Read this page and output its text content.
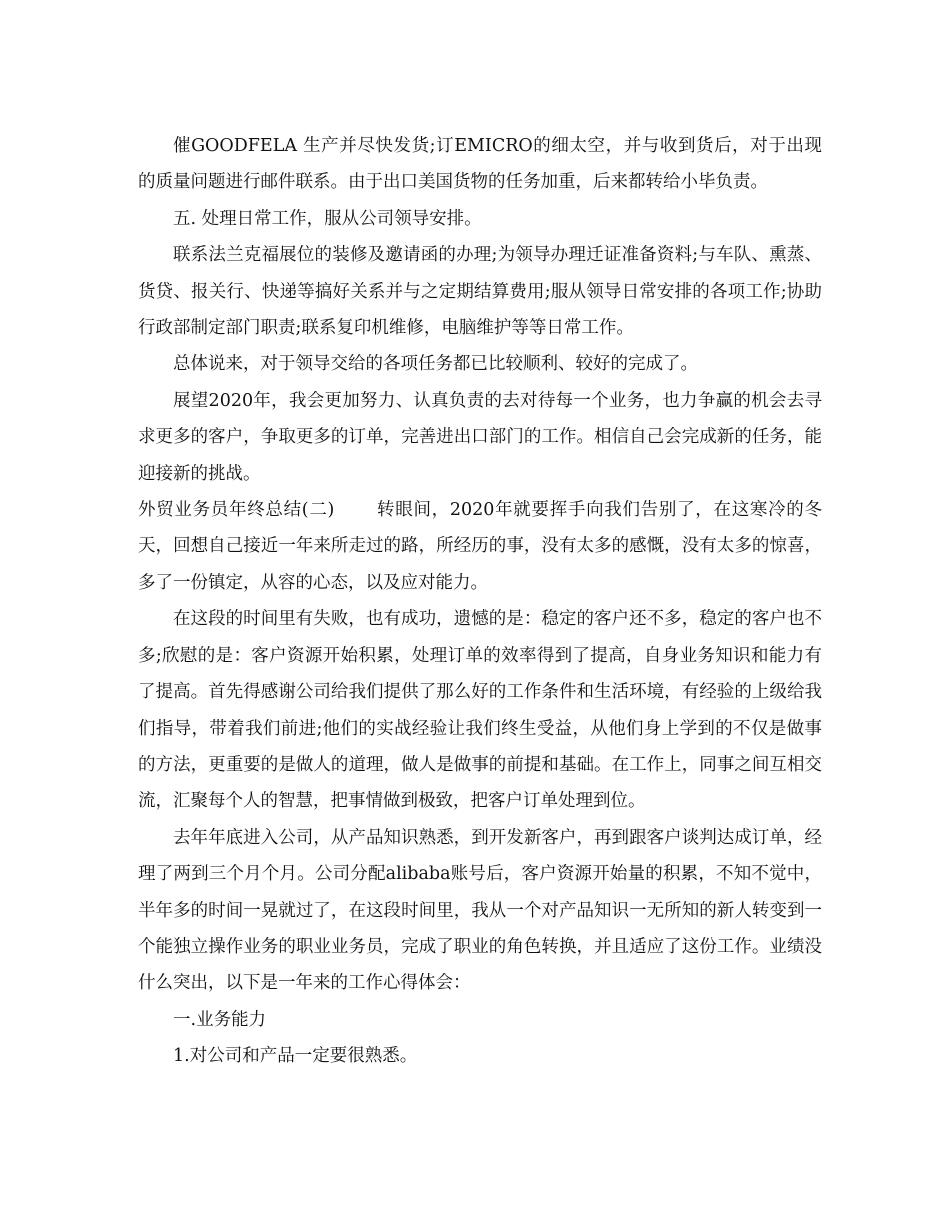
催GOODFELA 生产并尽快发货;订EMICRO的细太空，并与收到货后，对于出现的质量问题进行邮件联系。由于出口美国货物的任务加重，后来都转给小毕负责。

五. 处理日常工作，服从公司领导安排。

联系法兰克福展位的装修及邀请函的办理;为领导办理迁证准备资料;与车队、熏蒸、货贷、报关行、快递等搞好关系并与之定期结算费用;服从领导日常安排的各项工作;协助行政部制定部门职责;联系复印机维修，电脑维护等等日常工作。

总体说来，对于领导交给的各项任务都已比较顺利、较好的完成了。

展望2020年，我会更加努力、认真负责的去对待每一个业务，也力争赢的机会去寻求更多的客户，争取更多的订单，完善进出口部门的工作。相信自己会完成新的任务，能迎接新的挑战。

外贸业务员年终总结(二) 转眼间，2020年就要挥手向我们告别了，在这寒冷的冬天，回想自己接近一年来所走过的路，所经历的事，没有太多的感慨，没有太多的惊喜，多了一份镇定，从容的心态，以及应对能力。

在这段的时间里有失败，也有成功，遗憾的是：稳定的客户还不多，稳定的客户也不多;欣慰的是：客户资源开始积累，处理订单的效率得到了提高，自身业务知识和能力有了提高。首先得感谢公司给我们提供了那么好的工作条件和生活环境，有经验的上级给我们指导，带着我们前进;他们的实战经验让我们终生受益，从他们身上学到的不仅是做事的方法，更重要的是做人的道理，做人是做事的前提和基础。在工作上，同事之间互相交流，汇聚每个人的智慧，把事情做到极致，把客户订单处理到位。

去年年底进入公司，从产品知识熟悉，到开发新客户，再到跟客户谈判达成订单，经理了两到三个月个月。公司分配alibaba账号后，客户资源开始量的积累，不知不觉中，半年多的时间一晃就过了，在这段时间里，我从一个对产品知识一无所知的新人转变到一个能独立操作业务的职业业务员，完成了职业的角色转换，并且适应了这份工作。业绩没什么突出，以下是一年来的工作心得体会：

一.业务能力

1.对公司和产品一定要很熟悉。
